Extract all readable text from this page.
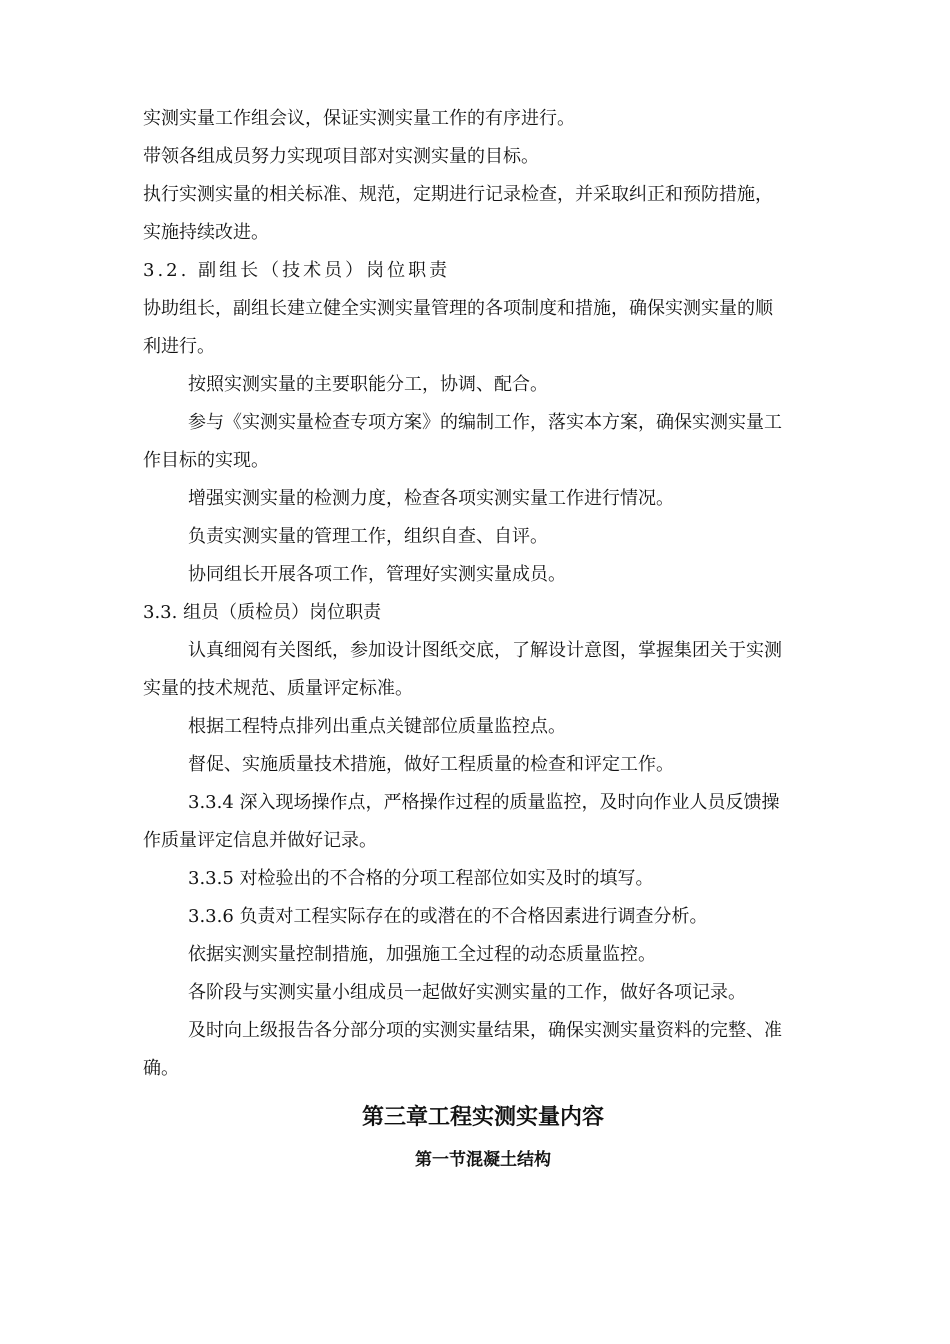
实测实量工作组会议，保证实测实量工作的有序进行。
带领各组成员努力实现项目部对实测实量的目标。
执行实测实量的相关标准、规范，定期进行记录检查，并采取纠正和预防措施，
实施持续改进。
3.2. 副组长（技术员）岗位职责
协助组长，副组长建立健全实测实量管理的各项制度和措施，确保实测实量的顺
利进行。
按照实测实量的主要职能分工，协调、配合。
参与《实测实量检查专项方案》的编制工作，落实本方案，确保实测实量工
作目标的实现。
增强实测实量的检测力度，检查各项实测实量工作进行情况。
负责实测实量的管理工作，组织自查、自评。
协同组长开展各项工作，管理好实测实量成员。
3.3. 组员（质检员）岗位职责
认真细阅有关图纸，参加设计图纸交底，了解设计意图，掌握集团关于实测
实量的技术规范、质量评定标准。
根据工程特点排列出重点关键部位质量监控点。
督促、实施质量技术措施，做好工程质量的检查和评定工作。
3.3.4 深入现场操作点，严格操作过程的质量监控，及时向作业人员反馈操
作质量评定信息并做好记录。
3.3.5 对检验出的不合格的分项工程部位如实及时的填写。
3.3.6 负责对工程实际存在的或潜在的不合格因素进行调查分析。
依据实测实量控制措施，加强施工全过程的动态质量监控。
各阶段与实测实量小组成员一起做好实测实量的工作，做好各项记录。
及时向上级报告各分部分项的实测实量结果，确保实测实量资料的完整、准
确。
第三章工程实测实量内容
第一节混凝土结构
